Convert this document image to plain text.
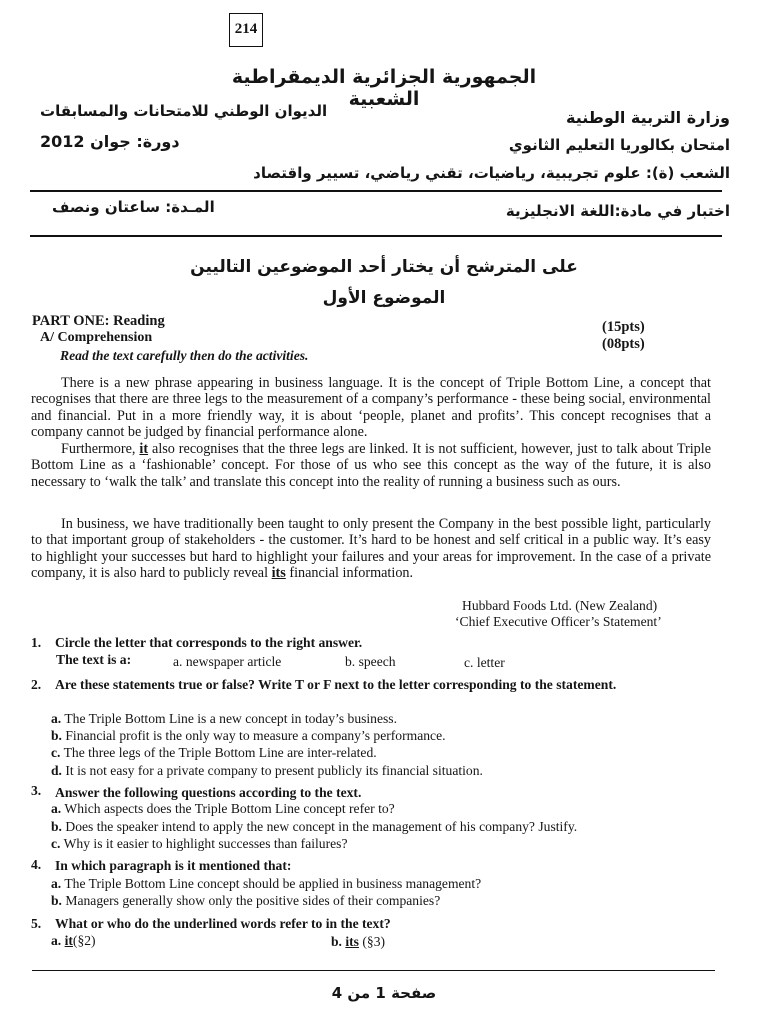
214
الجمهورية الجزائرية الديمقراطية الشعبية
وزارة التربية الوطنية
الديوان الوطني للامتحانات والمسابقات
امتحان بكالوريا التعليم الثانوي
دورة: جوان 2012
الشعب (ة): علوم تجريبية، رياضيات، تقني رياضي، تسيير واقتصاد
اختبار في مادة:اللغة الانجليزية
المـدة: ساعتان ونصف
على المترشح أن يختار أحد الموضوعين التاليين
الموضوع الأول
PART ONE: Reading	(15pts)
A/ Comprehension	(08pts)
Read the text carefully then do the activities.
There is a new phrase appearing in business language. It is the concept of Triple Bottom Line, a concept that recognises that there are three legs to the measurement of a company’s performance - these being social, environmental and financial. Put in a more friendly way, it is about ‘people, planet and profits’. This concept recognises that a company cannot be judged by financial performance alone.
Furthermore, it also recognises that the three legs are linked. It is not sufficient, however, just to talk about Triple Bottom Line as a ‘fashionable’ concept. For those of us who see this concept as the way of the future, it is also necessary to ‘walk the talk’ and translate this concept into the reality of running a business such as ours.
In business, we have traditionally been taught to only present the Company in the best possible light, particularly to that important group of stakeholders - the customer. It’s hard to be honest and self critical in a public way. It’s easy to highlight your successes but hard to highlight your failures and your areas for improvement. In the case of a private company, it is also hard to publicly reveal its financial information.
Hubbard Foods Ltd. (New Zealand)
‘Chief Executive Officer’s Statement’
1. Circle the letter that corresponds to the right answer.
The text is a:	a. newspaper article	b. speech	c. letter
2. Are these statements true or false? Write T or F next to the letter corresponding to the statement.
a. The Triple Bottom Line is a new concept in today’s business.
b. Financial profit is the only way to measure a company’s performance.
c. The three legs of the Triple Bottom Line are inter-related.
d. It is not easy for a private company to present publicly its financial situation.
3. Answer the following questions according to the text.
a. Which aspects does the Triple Bottom Line concept refer to?
b. Does the speaker intend to apply the new concept in the management of his company? Justify.
c. Why is it easier to highlight successes than failures?
4. In which paragraph is it mentioned that:
a. The Triple Bottom Line concept should be applied in business management?
b. Managers generally show only the positive sides of their companies?
5. What or who do the underlined words refer to in the text?
a. it(§2)	b. its (§3)
صفحة 1 من 4
